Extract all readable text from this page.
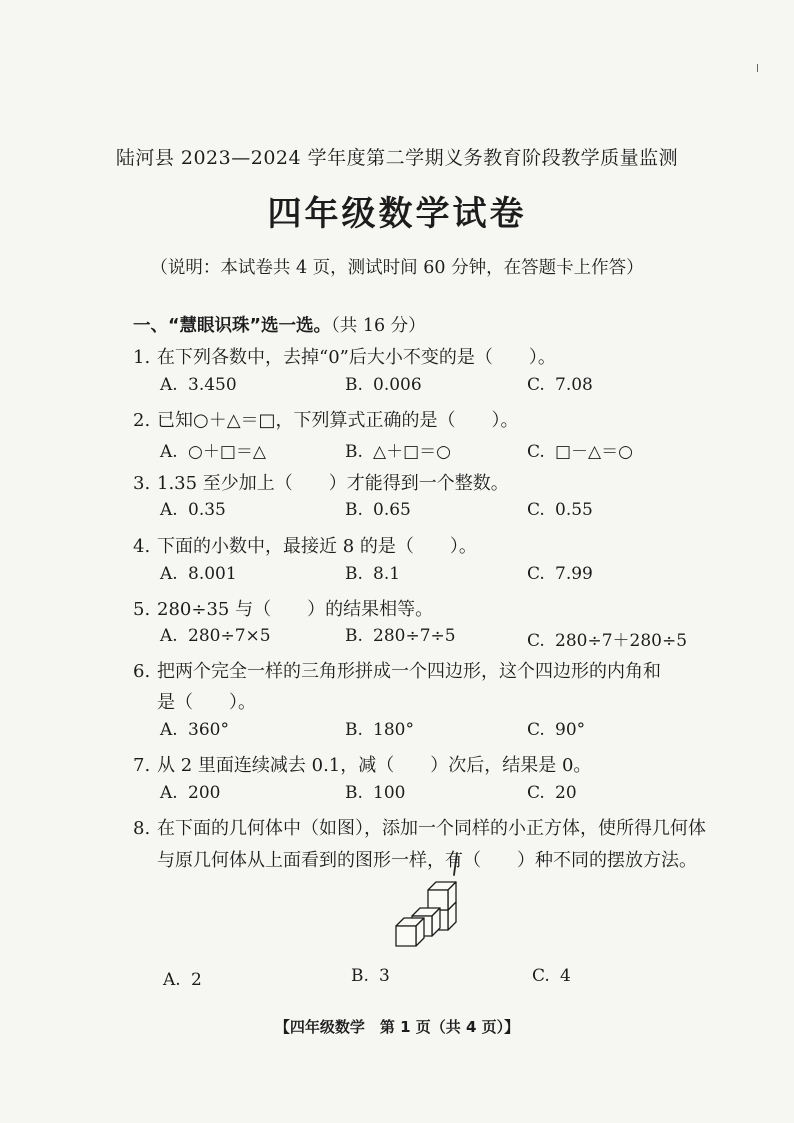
陆河县 2023—2024 学年度第二学期义务教育阶段教学质量监测
四年级数学试卷
（说明：本试卷共 4 页，测试时间 60 分钟，在答题卡上作答）
一、“慧眼识珠”选一选。（共 16 分）
1. 在下列各数中，去掉“0”后大小不变的是（　　）。
A. 3.450	B. 0.006	C. 7.08
2. 已知○＋△＝□，下列算式正确的是（　　）。
A. ○＋□＝△	B. △＋□＝○	C. □－△＝○
3. 1.35 至少加上（　　）才能得到一个整数。
A. 0.35	B. 0.65	C. 0.55
4. 下面的小数中，最接近 8 的是（　　）。
A. 8.001	B. 8.1	C. 7.99
5. 280÷35 与（　　）的结果相等。
A. 280÷7×5	B. 280÷7÷5	C. 280÷7＋280÷5
6. 把两个完全一样的三角形拼成一个四边形，这个四边形的内角和
是（　　）。
A. 360°	B. 180°	C. 90°
7. 从 2 里面连续减去 0.1，减（　　）次后，结果是 0。
A. 200	B. 100	C. 20
8. 在下面的几何体中（如图），添加一个同样的小正方体，使所得几何体
与原几何体从上面看到的图形一样，有（　　）种不同的摆放方法。
A. 2	B. 3	C. 4
【四年级数学　第 1 页（共 4 页）】
